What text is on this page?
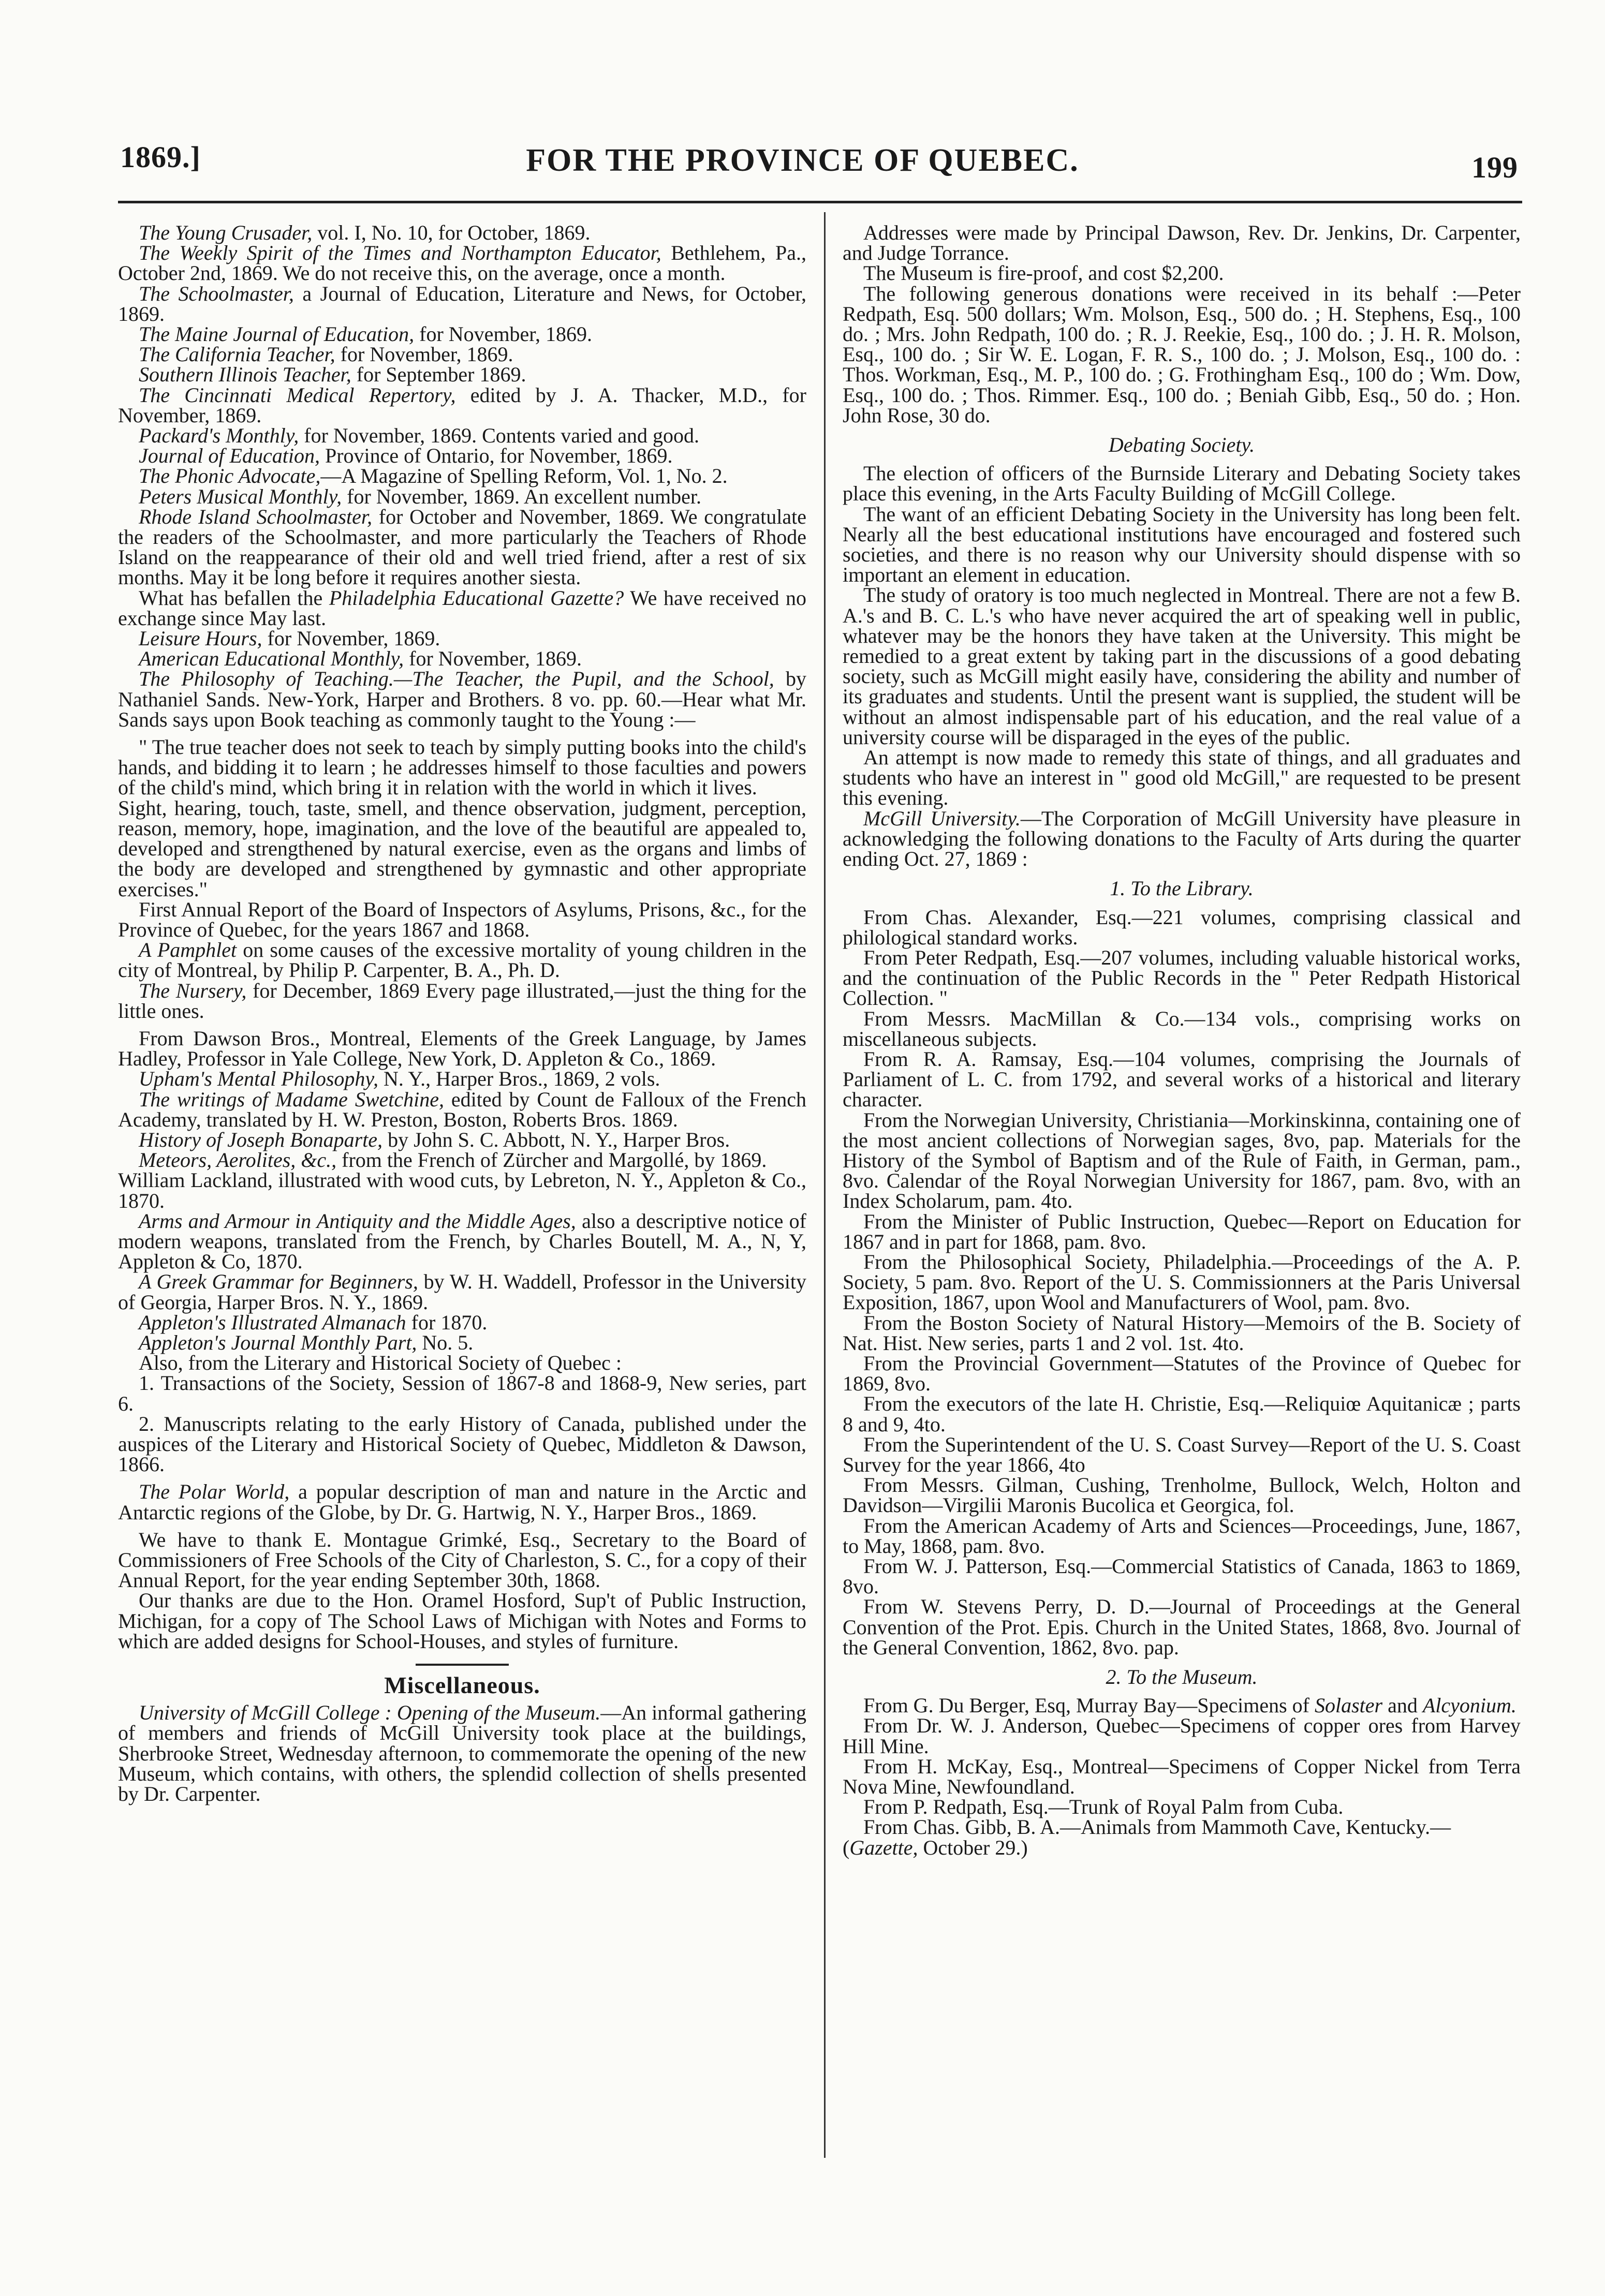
1869.]	FOR THE PROVINCE OF QUEBEC.	199

The Young Crusader, vol. I, No. 10, for October, 1869.

The Weekly Spirit of the Times and Northampton Educator, Bethlehem, Pa., October 2nd, 1869. We do not receive this, on the average, once a month.

The Schoolmaster, a Journal of Education, Literature and News, for October, 1869.

The Maine Journal of Education, for November, 1869.

The California Teacher, for November, 1869.

Southern Illinois Teacher, for September 1869.

The Cincinnati Medical Repertory, edited by J. A. Thacker, M.D., for November, 1869.

Packard's Monthly, for November, 1869. Contents varied and good.

Journal of Education, Province of Ontario, for November, 1869.

The Phonic Advocate,—A Magazine of Spelling Reform, Vol. 1, No. 2.

Peters Musical Monthly, for November, 1869. An excellent number.

Rhode Island Schoolmaster, for October and November, 1869. We congratulate the readers of the Schoolmaster, and more particularly the Teachers of Rhode Island on the reappearance of their old and well tried friend, after a rest of six months. May it be long before it requires another siesta.

What has befallen the Philadelphia Educational Gazette? We have received no exchange since May last.

Leisure Hours, for November, 1869.

American Educational Monthly, for November, 1869.

The Philosophy of Teaching.—The Teacher, the Pupil, and the School, by Nathaniel Sands. New-York, Harper and Brothers. 8 vo. pp. 60.—Hear what Mr. Sands says upon Book teaching as commonly taught to the Young :—

" The true teacher does not seek to teach by simply putting books into the child's hands, and bidding it to learn ; he addresses himself to those faculties and powers of the child's mind, which bring it in relation with the world in which it lives.

Sight, hearing, touch, taste, smell, and thence observation, judgment, perception, reason, memory, hope, imagination, and the love of the beautiful are appealed to, developed and strengthened by natural exercise, even as the organs and limbs of the body are developed and strengthened by gymnastic and other appropriate exercises."

First Annual Report of the Board of Inspectors of Asylums, Prisons, &c., for the Province of Quebec, for the years 1867 and 1868.

A Pamphlet on some causes of the excessive mortality of young children in the city of Montreal, by Philip P. Carpenter, B. A., Ph. D.

The Nursery, for December, 1869 Every page illustrated,—just the thing for the little ones.

From Dawson Bros., Montreal, Elements of the Greek Language, by James Hadley, Professor in Yale College, New York, D. Appleton & Co., 1869.

Upham's Mental Philosophy, N. Y., Harper Bros., 1869, 2 vols.

The writings of Madame Swetchine, edited by Count de Falloux of the French Academy, translated by H. W. Preston, Boston, Roberts Bros. 1869.

History of Joseph Bonaparte, by John S. C. Abbott, N. Y., Harper Bros.

Meteors, Aerolites, &c., from the French of Zürcher and Margollé, by 1869.

William Lackland, illustrated with wood cuts, by Lebreton, N. Y., Appleton & Co., 1870.

Arms and Armour in Antiquity and the Middle Ages, also a descriptive notice of modern weapons, translated from the French, by Charles Boutell, M. A., N, Y, Appleton & Co, 1870.

A Greek Grammar for Beginners, by W. H. Waddell, Professor in the University of Georgia, Harper Bros. N. Y., 1869.

Appleton's Illustrated Almanach for 1870.

Appleton's Journal Monthly Part, No. 5.

Also, from the Literary and Historical Society of Quebec :

1. Transactions of the Society, Session of 1867-8 and 1868-9, New series, part 6.

2. Manuscripts relating to the early History of Canada, published under the auspices of the Literary and Historical Society of Quebec, Middleton & Dawson, 1866.

The Polar World, a popular description of man and nature in the Arctic and Antarctic regions of the Globe, by Dr. G. Hartwig, N. Y., Harper Bros., 1869.

We have to thank E. Montague Grimké, Esq., Secretary to the Board of Commissioners of Free Schools of the City of Charleston, S. C., for a copy of their Annual Report, for the year ending September 30th, 1868.

Our thanks are due to the Hon. Oramel Hosford, Sup't of Public Instruction, Michigan, for a copy of The School Laws of Michigan with Notes and Forms to which are added designs for School-Houses, and styles of furniture.

Miscellaneous.

University of McGill College : Opening of the Museum.—An informal gathering of members and friends of McGill University took place at the buildings, Sherbrooke Street, Wednesday afternoon, to commemorate the opening of the new Museum, which contains, with others, the splendid collection of shells presented by Dr. Carpenter.

Addresses were made by Principal Dawson, Rev. Dr. Jenkins, Dr. Carpenter, and Judge Torrance.

The Museum is fire-proof, and cost $2,200.

The following generous donations were received in its behalf :—Peter Redpath, Esq. 500 dollars; Wm. Molson, Esq., 500 do. ; H. Stephens, Esq., 100 do. ; Mrs. John Redpath, 100 do. ; R. J. Reekie, Esq., 100 do. ; J. H. R. Molson, Esq., 100 do. ; Sir W. E. Logan, F. R. S., 100 do. ; J. Molson, Esq., 100 do. : Thos. Workman, Esq., M. P., 100 do. ; G. Frothingham Esq., 100 do ; Wm. Dow, Esq., 100 do. ; Thos. Rimmer. Esq., 100 do. ; Beniah Gibb, Esq., 50 do. ; Hon. John Rose, 30 do.

Debating Society.

The election of officers of the Burnside Literary and Debating Society takes place this evening, in the Arts Faculty Building of McGill College.

The want of an efficient Debating Society in the University has long been felt. Nearly all the best educational institutions have encouraged and fostered such societies, and there is no reason why our University should dispense with so important an element in education.

The study of oratory is too much neglected in Montreal. There are not a few B. A.'s and B. C. L.'s who have never acquired the art of speaking well in public, whatever may be the honors they have taken at the University. This might be remedied to a great extent by taking part in the discussions of a good debating society, such as McGill might easily have, considering the ability and number of its graduates and students. Until the present want is supplied, the student will be without an almost indispensable part of his education, and the real value of a university course will be disparaged in the eyes of the public.

An attempt is now made to remedy this state of things, and all graduates and students who have an interest in " good old McGill," are requested to be present this evening.

McGill University.—The Corporation of McGill University have pleasure in acknowledging the following donations to the Faculty of Arts during the quarter ending Oct. 27, 1869 :

1. To the Library.

From Chas. Alexander, Esq.—221 volumes, comprising classical and philological standard works.

From Peter Redpath, Esq.—207 volumes, including valuable historical works, and the continuation of the Public Records in the " Peter Redpath Historical Collection. "

From Messrs. MacMillan & Co.—134 vols., comprising works on miscellaneous subjects.

From R. A. Ramsay, Esq.—104 volumes, comprising the Journals of Parliament of L. C. from 1792, and several works of a historical and literary character.

From the Norwegian University, Christiania—Morkinskinna, containing one of the most ancient collections of Norwegian sages, 8vo, pap. Materials for the History of the Symbol of Baptism and of the Rule of Faith, in German, pam., 8vo. Calendar of the Royal Norwegian University for 1867, pam. 8vo, with an Index Scholarum, pam. 4to.

From the Minister of Public Instruction, Quebec—Report on Education for 1867 and in part for 1868, pam. 8vo.

From the Philosophical Society, Philadelphia.—Proceedings of the A. P. Society, 5 pam. 8vo. Report of the U. S. Commissionners at the Paris Universal Exposition, 1867, upon Wool and Manufacturers of Wool, pam. 8vo.

From the Boston Society of Natural History—Memoirs of the B. Society of Nat. Hist. New series, parts 1 and 2 vol. 1st. 4to.

From the Provincial Government—Statutes of the Province of Quebec for 1869, 8vo.

From the executors of the late H. Christie, Esq.—Reliquiœ Aquitanicæ ; parts 8 and 9, 4to.

From the Superintendent of the U. S. Coast Survey—Report of the U. S. Coast Survey for the year 1866, 4to

From Messrs. Gilman, Cushing, Trenholme, Bullock, Welch, Holton and Davidson—Virgilii Maronis Bucolica et Georgica, fol.

From the American Academy of Arts and Sciences—Proceedings, June, 1867, to May, 1868, pam. 8vo.

From W. J. Patterson, Esq.—Commercial Statistics of Canada, 1863 to 1869, 8vo.

From W. Stevens Perry, D. D.—Journal of Proceedings at the General Convention of the Prot. Epis. Church in the United States, 1868, 8vo. Journal of the General Convention, 1862, 8vo. pap.

2. To the Museum.

From G. Du Berger, Esq, Murray Bay—Specimens of Solaster and Alcyonium.

From Dr. W. J. Anderson, Quebec—Specimens of copper ores from Harvey Hill Mine.

From H. McKay, Esq., Montreal—Specimens of Copper Nickel from Terra Nova Mine, Newfoundland.

From P. Redpath, Esq.—Trunk of Royal Palm from Cuba.

From Chas. Gibb, B. A.—Animals from Mammoth Cave, Kentucky.—

(Gazette, October 29.)
